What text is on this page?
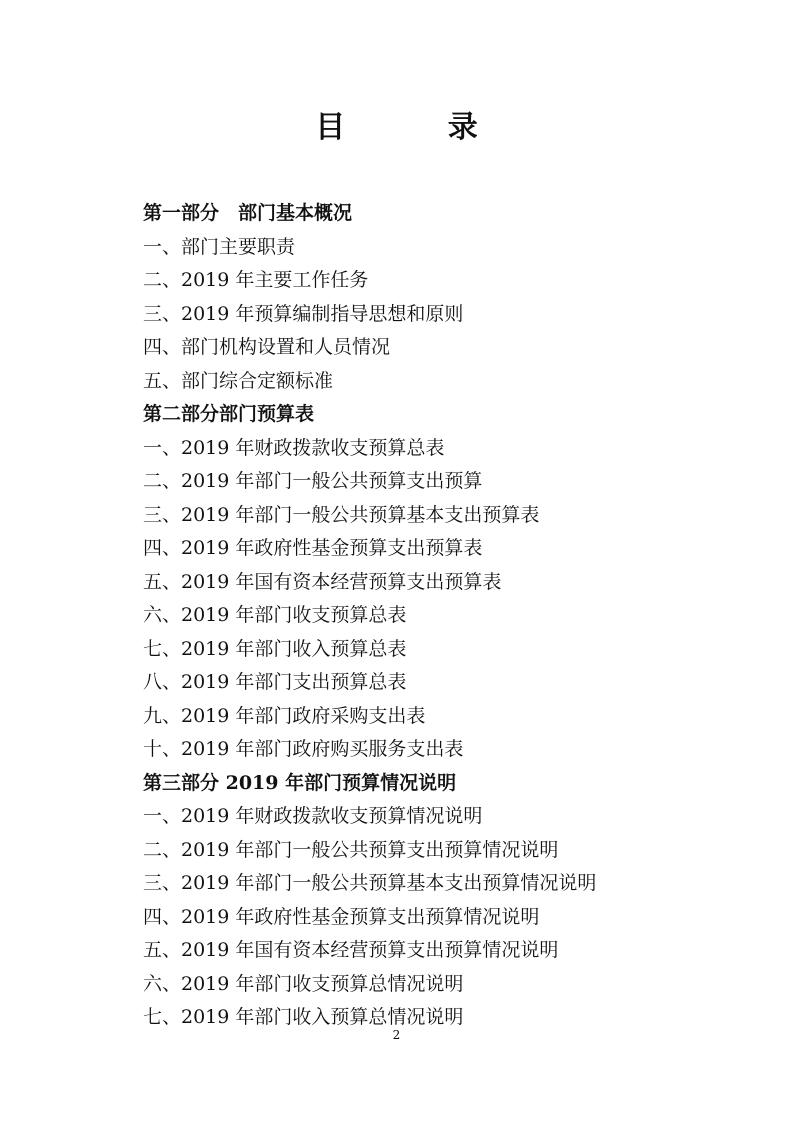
目 录
第一部分　部门基本概况
一、部门主要职责
二、2019 年主要工作任务
三、2019 年预算编制指导思想和原则
四、部门机构设置和人员情况
五、部门综合定额标准
第二部分部门预算表
一、2019 年财政拨款收支预算总表
二、2019 年部门一般公共预算支出预算
三、2019 年部门一般公共预算基本支出预算表
四、2019 年政府性基金预算支出预算表
五、2019 年国有资本经营预算支出预算表
六、2019 年部门收支预算总表
七、2019 年部门收入预算总表
八、2019 年部门支出预算总表
九、2019 年部门政府采购支出表
十、2019 年部门政府购买服务支出表
第三部分 2019 年部门预算情况说明
一、2019 年财政拨款收支预算情况说明
二、2019 年部门一般公共预算支出预算情况说明
三、2019 年部门一般公共预算基本支出预算情况说明
四、2019 年政府性基金预算支出预算情况说明
五、2019 年国有资本经营预算支出预算情况说明
六、2019 年部门收支预算总情况说明
七、2019 年部门收入预算总情况说明
2
